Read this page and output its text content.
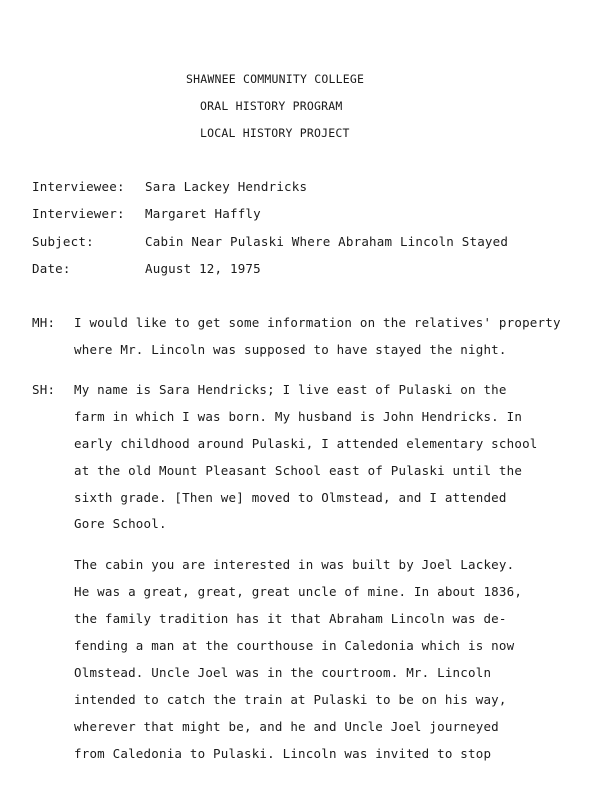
SHAWNEE COMMUNITY COLLEGE
ORAL HISTORY PROGRAM
LOCAL HISTORY PROJECT
Interviewee: Sara Lackey Hendricks
Interviewer: Margaret Haffly
Subject:	Cabin Near Pulaski Where Abraham Lincoln Stayed
Date:	August 12, 1975
MH: I would like to get some information on the relatives' property
where Mr. Lincoln was supposed to have stayed the night.
SH: My name is Sara Hendricks; I live east of Pulaski on the
farm in which I was born. My husband is John Hendricks. In
early childhood around Pulaski, I attended elementary school
at the old Mount Pleasant School east of Pulaski until the
sixth grade. [Then we] moved to Olmstead, and I attended
Gore School.
The cabin you are interested in was built by Joel Lackey.
He was a great, great, great uncle of mine. In about 1836,
the family tradition has it that Abraham Lincoln was de-
fending a man at the courthouse in Caledonia which is now
Olmstead. Uncle Joel was in the courtroom. Mr. Lincoln
intended to catch the train at Pulaski to be on his way,
wherever that might be, and he and Uncle Joel journeyed
from Caledonia to Pulaski. Lincoln was invited to stop
